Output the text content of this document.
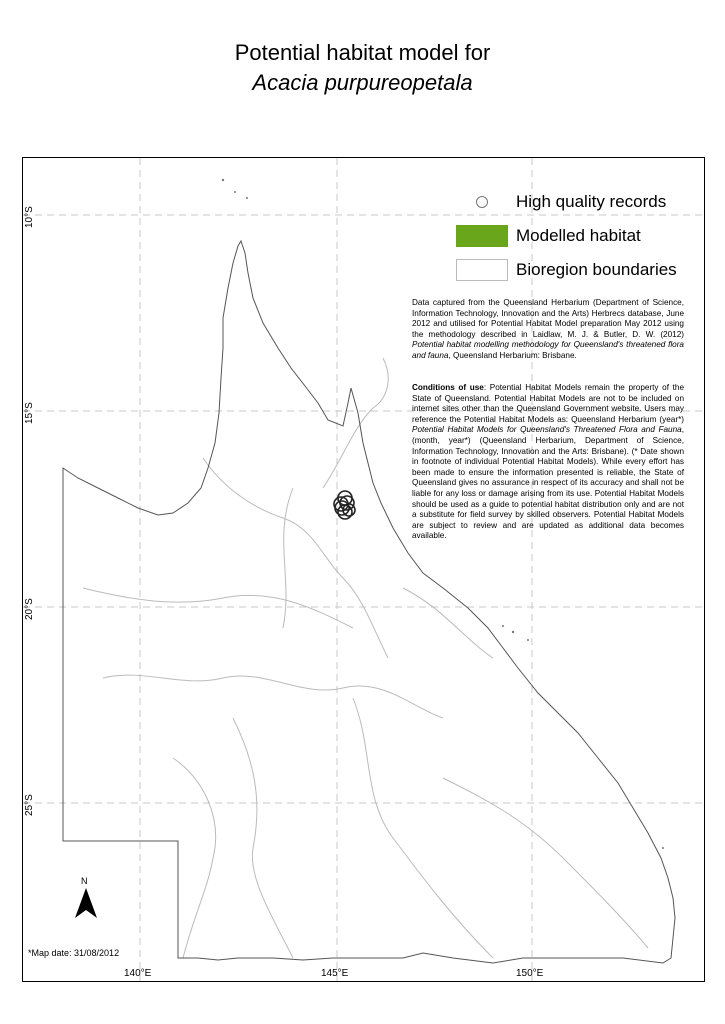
Potential habitat model for
Acacia purpureopetala
10°S
15°S
20°S
25°S
140°E	145°E	150°E
High quality records
Modelled habitat
Bioregion boundaries
Data captured from the Queensland Herbarium (Department of Science, Information Technology, Innovation and the Arts) Herbrecs database, June 2012 and utilised for Potential Habitat Model preparation May 2012 using the methodology described in Laidlaw, M. J. & Butler, D. W. (2012) Potential habitat modelling methodology for Queensland's threatened flora and fauna, Queensland Herbarium: Brisbane.
Conditions of use: Potential Habitat Models remain the property of the State of Queensland. Potential Habitat Models are not to be included on internet sites other than the Queensland Government website. Users may reference the Potential Habitat Models as: Queensland Herbarium (year*) Potential Habitat Models for Queensland's Threatened Flora and Fauna, (month, year*) (Queensland Herbarium, Department of Science, Information Technology, Innovation and the Arts: Brisbane). (* Date shown in footnote of individual Potential Habitat Models). While every effort has been made to ensure the information presented is reliable, the State of Queensland gives no assurance in respect of its accuracy and shall not be liable for any loss or damage arising from its use. Potential Habitat Models should be used as a guide to potential habitat distribution only and are not a substitute for field survey by skilled observers. Potential Habitat Models are subject to review and are updated as additional data becomes available.
N
*Map date: 31/08/2012
